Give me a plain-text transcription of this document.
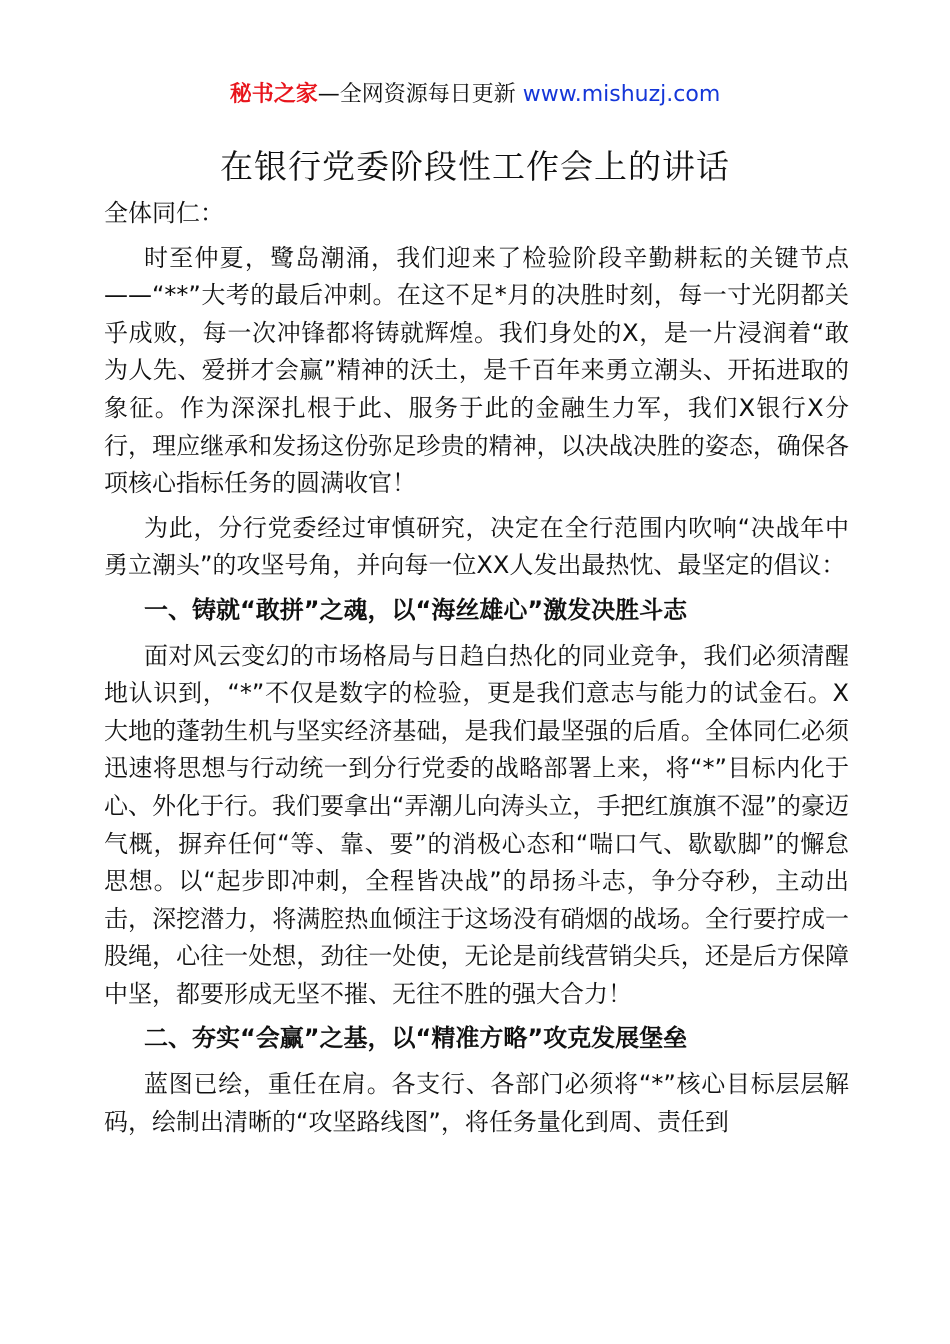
秘书之家—全网资源每日更新 www.mishuzj.com
在银行党委阶段性工作会上的讲话

全体同仁：

时至仲夏，鹭岛潮涌，我们迎来了检验阶段辛勤耕耘的关键节点——“**”大考的最后冲刺。在这不足*月的决胜时刻，每一寸光阴都关乎成败，每一次冲锋都将铸就辉煌。我们身处的X，是一片浸润着“敢为人先、爱拼才会赢”精神的沃土，是千百年来勇立潮头、开拓进取的象征。作为深深扎根于此、服务于此的金融生力军，我们X银行X分行，理应继承和发扬这份弥足珍贵的精神，以决战决胜的姿态，确保各项核心指标任务的圆满收官！

为此，分行党委经过审慎研究，决定在全行范围内吹响“决战年中勇立潮头”的攻坚号角，并向每一位XX人发出最热忱、最坚定的倡议：

一、铸就“敢拼”之魂，以“海丝雄心”激发决胜斗志

面对风云变幻的市场格局与日趋白热化的同业竞争，我们必须清醒地认识到，“*”不仅是数字的检验，更是我们意志与能力的试金石。X大地的蓬勃生机与坚实经济基础，是我们最坚强的后盾。全体同仁必须迅速将思想与行动统一到分行党委的战略部署上来，将“*”目标内化于心、外化于行。我们要拿出“弄潮儿向涛头立，手把红旗旗不湿”的豪迈气概，摒弃任何“等、靠、要”的消极心态和“喘口气、歇歇脚”的懈怠思想。以“起步即冲刺，全程皆决战”的昂扬斗志，争分夺秒，主动出击，深挖潜力，将满腔热血倾注于这场没有硝烟的战场。全行要拧成一股绳，心往一处想，劲往一处使，无论是前线营销尖兵，还是后方保障中坚，都要形成无坚不摧、无往不胜的强大合力！

二、夯实“会赢”之基，以“精准方略”攻克发展堡垒

蓝图已绘，重任在肩。各支行、各部门必须将“*”核心目标层层解码，绘制出清晰的“攻坚路线图”，将任务量化到周、责任到
